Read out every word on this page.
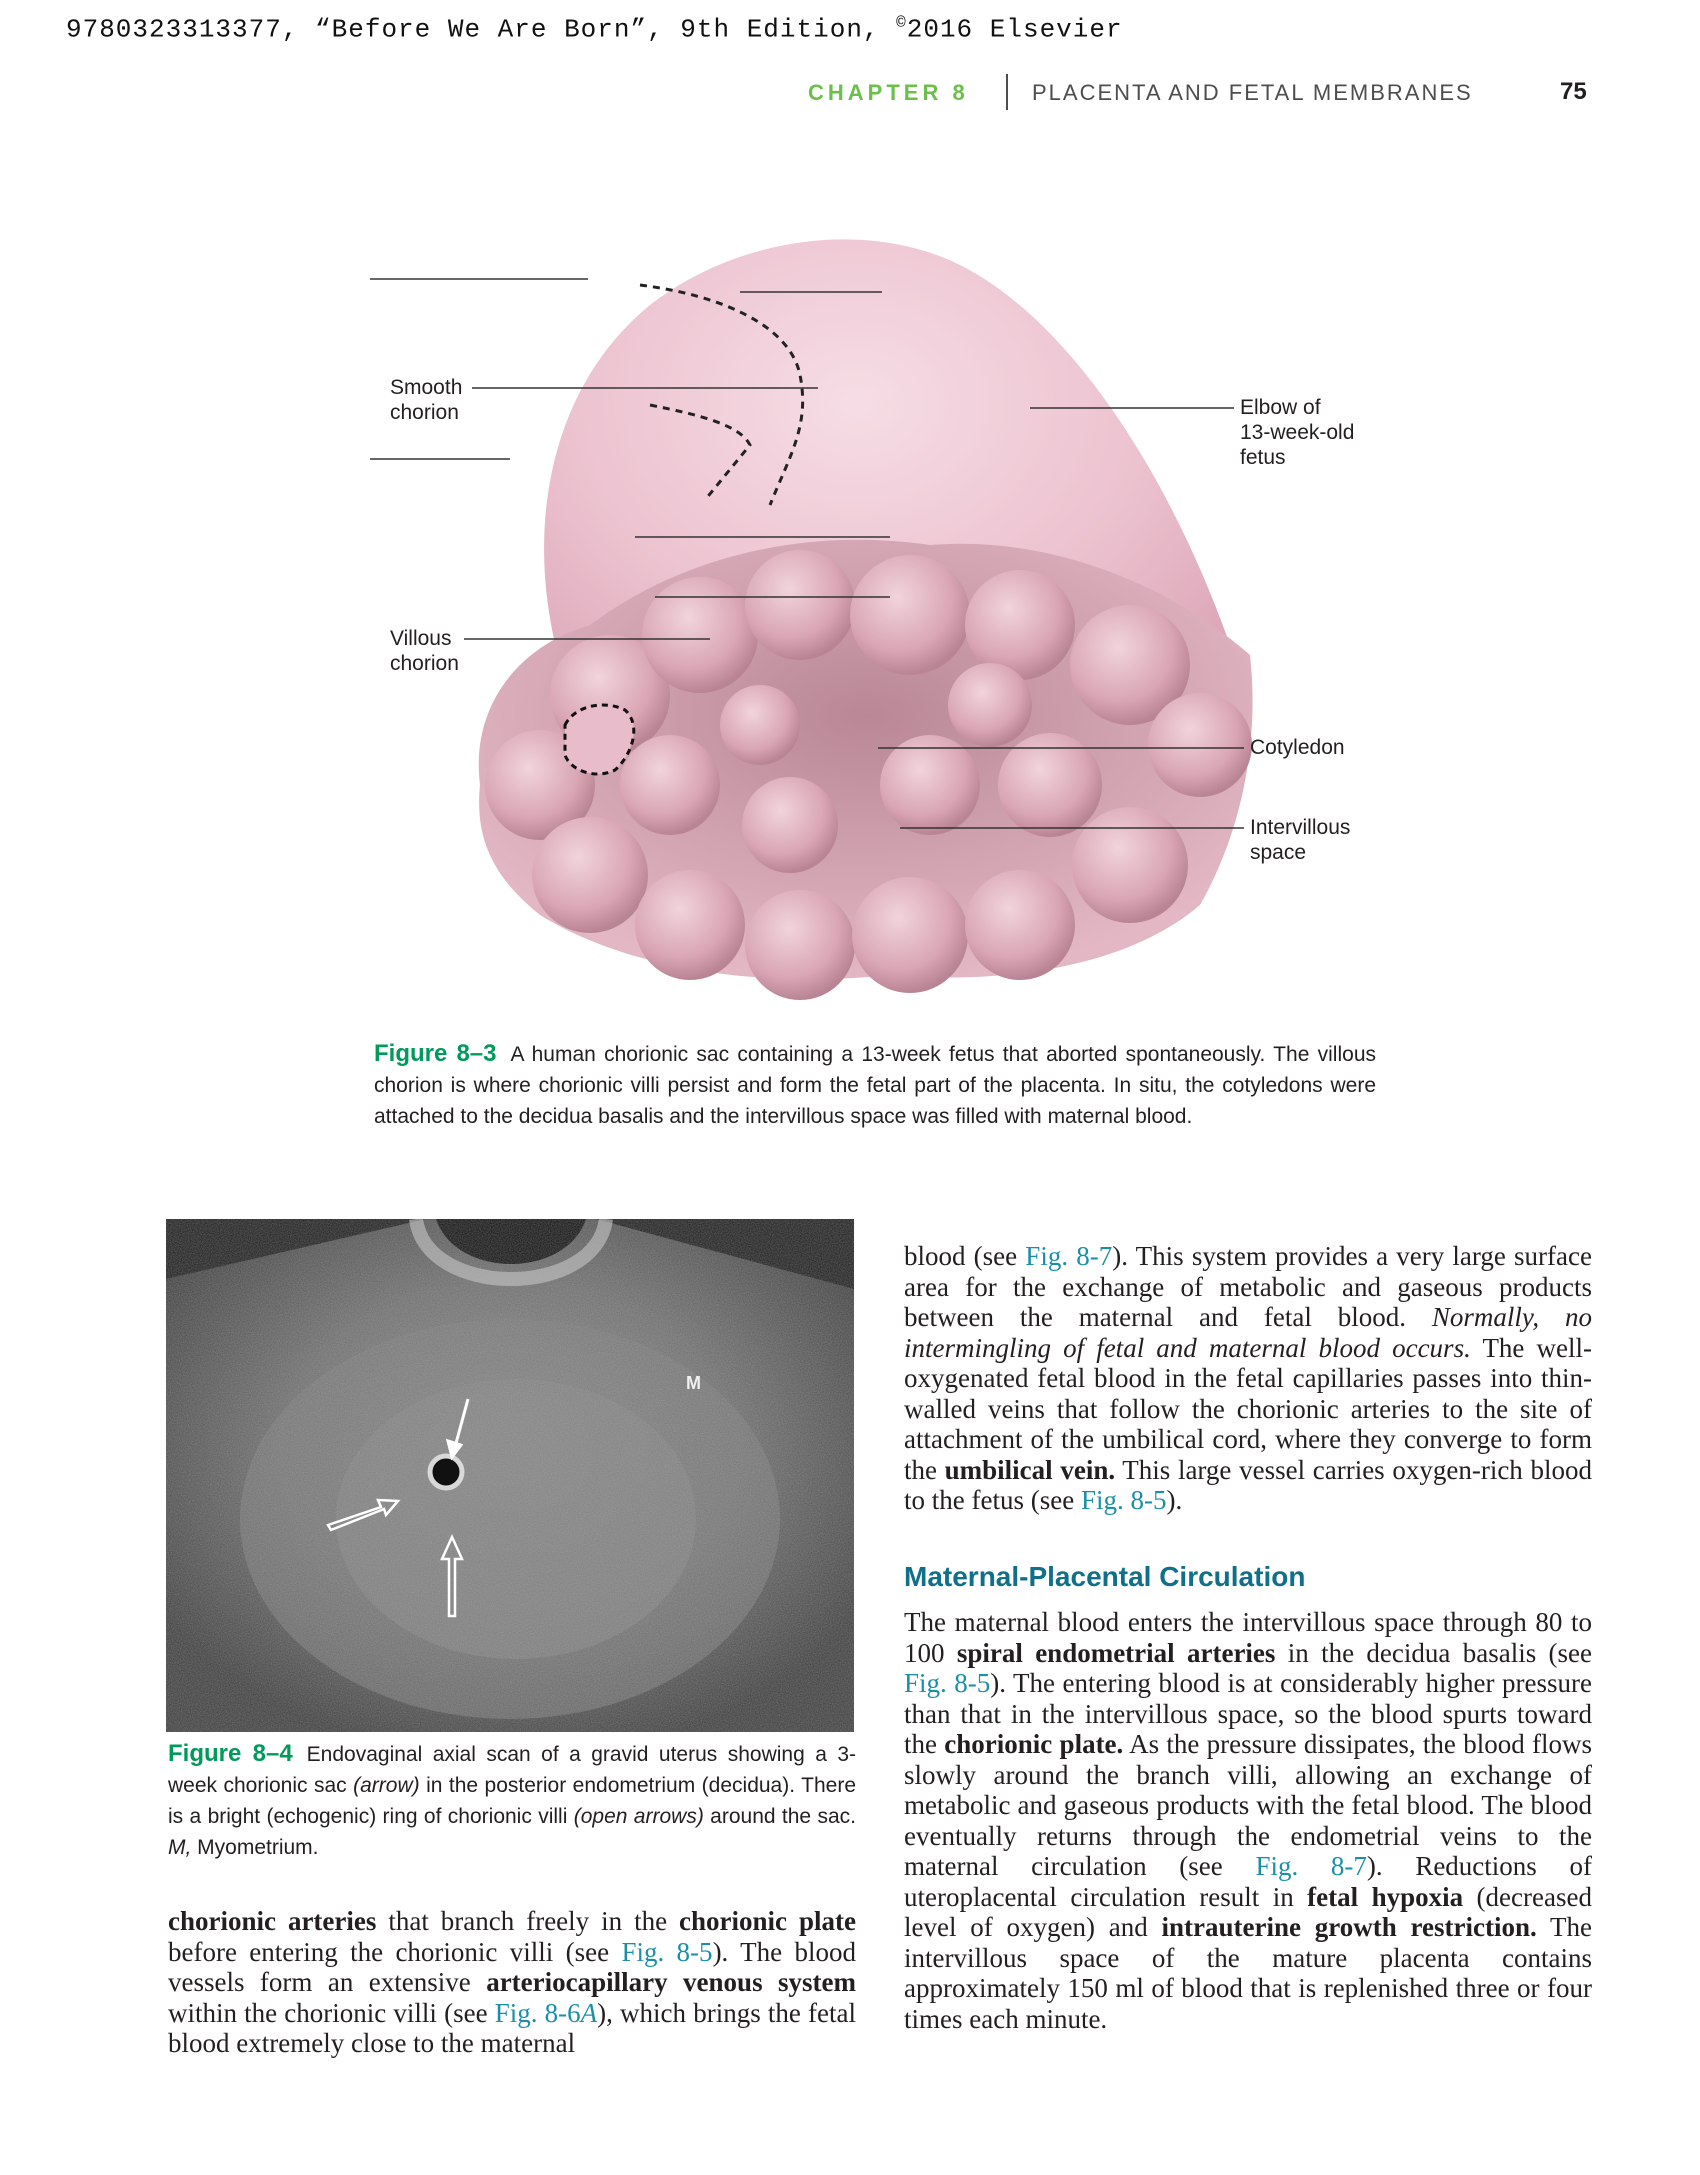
9780323313377, “Before We Are Born”, 9th Edition, ©2016 Elsevier
CHAPTER 8	PLACENTA AND FETAL MEMBRANES	75
Smooth
chorion
Villous
chorion
Elbow of
13-week-old
fetus
Cotyledon
Intervillous
space
Figure 8–3 A human chorionic sac containing a 13-week fetus that aborted spontaneously. The villous chorion is where chorionic villi persist and form the fetal part of the placenta. In situ, the cotyledons were attached to the decidua basalis and the intervillous space was filled with maternal blood.
M
Figure 8–4 Endovaginal axial scan of a gravid uterus showing a 3-week chorionic sac (arrow) in the posterior endometrium (decidua). There is a bright (echogenic) ring of chorionic villi (open arrows) around the sac. M, Myometrium.
chorionic arteries that branch freely in the chorionic plate before entering the chorionic villi (see Fig. 8-5). The blood vessels form an extensive arteriocapillary venous system within the chorionic villi (see Fig. 8-6A), which brings the fetal blood extremely close to the maternal
blood (see Fig. 8-7). This system provides a very large surface area for the exchange of metabolic and gaseous products between the maternal and fetal blood. Normally, no intermingling of fetal and maternal blood occurs. The well-oxygenated fetal blood in the fetal capillaries passes into thin-walled veins that follow the chorionic arteries to the site of attachment of the umbilical cord, where they converge to form the umbilical vein. This large vessel carries oxygen-rich blood to the fetus (see Fig. 8-5).
Maternal-Placental Circulation
The maternal blood enters the intervillous space through 80 to 100 spiral endometrial arteries in the decidua basalis (see Fig. 8-5). The entering blood is at considerably higher pressure than that in the intervillous space, so the blood spurts toward the chorionic plate. As the pressure dissipates, the blood flows slowly around the branch villi, allowing an exchange of metabolic and gaseous products with the fetal blood. The blood eventually returns through the endometrial veins to the maternal circulation (see Fig. 8-7). Reductions of uteroplacental circulation result in fetal hypoxia (decreased level of oxygen) and intrauterine growth restriction. The intervillous space of the mature placenta contains approximately 150 ml of blood that is replenished three or four times each minute.
